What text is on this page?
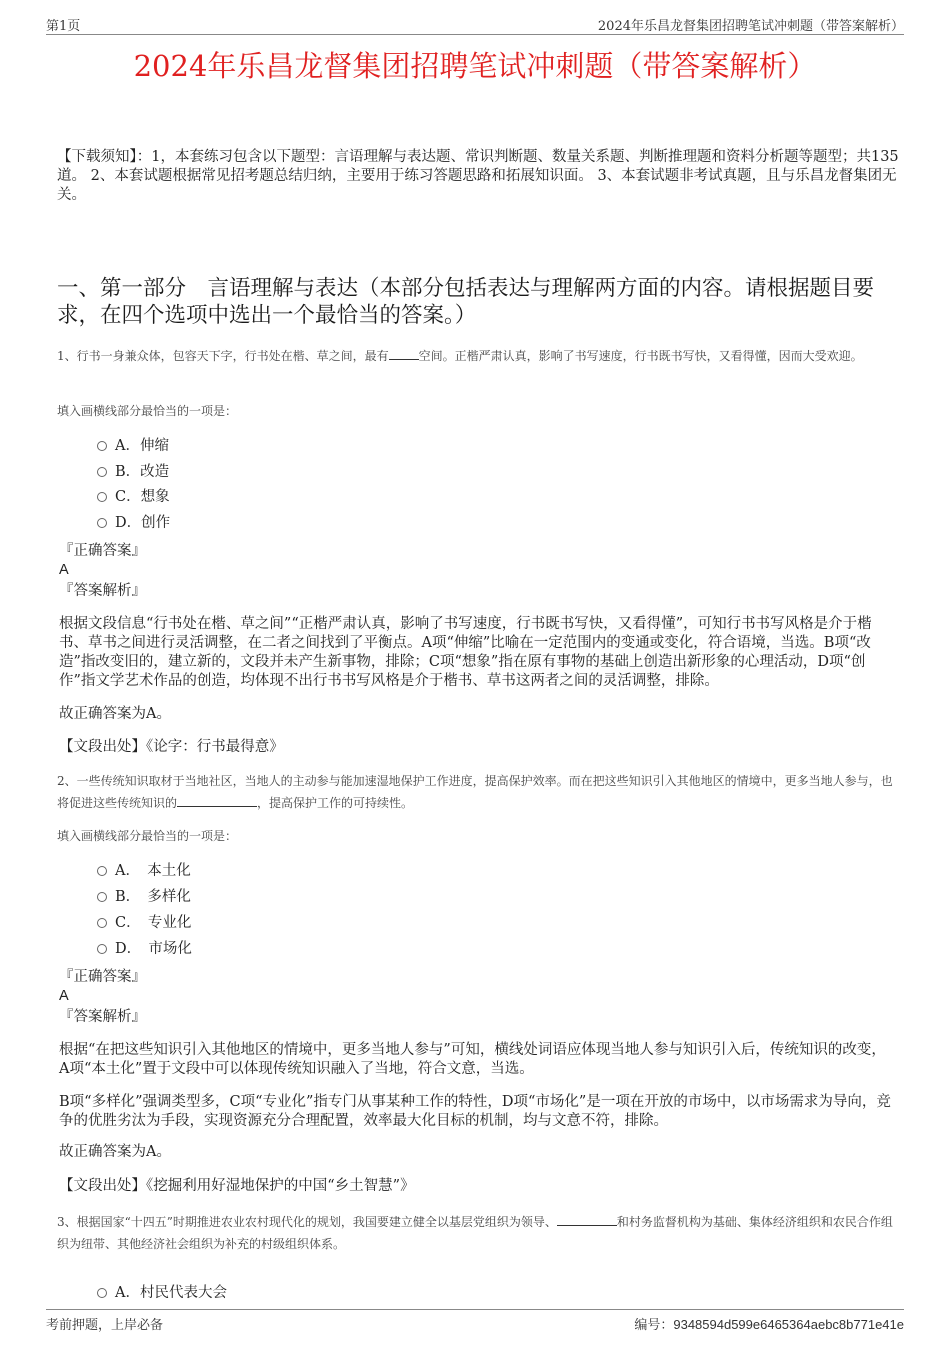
第1页	2024年乐昌龙督集团招聘笔试冲刺题（带答案解析）
2024年乐昌龙督集团招聘笔试冲刺题（带答案解析）
【下载须知】：1，本套练习包含以下题型：言语理解与表达题、常识判断题、数量关系题、判断推理题和资料分析题等题型；共135道。 2、本套试题根据常见招考题总结归纳，主要用于练习答题思路和拓展知识面。 3、本套试题非考试真题，且与乐昌龙督集团无关。
一、第一部分　言语理解与表达（本部分包括表达与理解两方面的内容。请根据题目要求，在四个选项中选出一个最恰当的答案。）
1、行书一身兼众体，包容天下字，行书处在楷、草之间，最有	空间。正楷严肃认真，影响了书写速度，行书既书写快，又看得懂，因而大受欢迎。
填入画横线部分最恰当的一项是：
A．伸缩
B．改造
C．想象
D．创作
『正确答案』
A
『答案解析』
根据文段信息“行书处在楷、草之间”“正楷严肃认真，影响了书写速度，行书既书写快，又看得懂”，可知行书书写风格是介于楷书、草书之间进行灵活调整，在二者之间找到了平衡点。A项“伸缩”比喻在一定范围内的变通或变化，符合语境，当选。B项“改造”指改变旧的，建立新的，文段并未产生新事物，排除；C项“想象”指在原有事物的基础上创造出新形象的心理活动，D项“创作”指文学艺术作品的创造，均体现不出行书书写风格是介于楷书、草书这两者之间的灵活调整，排除。
故正确答案为A。
【文段出处】《论字：行书最得意》
2、一些传统知识取材于当地社区，当地人的主动参与能加速湿地保护工作进度，提高保护效率。而在把这些知识引入其他地区的情境中，更多当地人参与，也将促进这些传统知识的	，提高保护工作的可持续性。
填入画横线部分最恰当的一项是：
A．　本土化
B．　多样化
C．　专业化
D．　市场化
『正确答案』
A
『答案解析』
根据“在把这些知识引入其他地区的情境中，更多当地人参与”可知，横线处词语应体现当地人参与知识引入后，传统知识的改变，A项“本土化”置于文段中可以体现传统知识融入了当地，符合文意，当选。
B项“多样化”强调类型多，C项“专业化”指专门从事某种工作的特性，D项“市场化”是一项在开放的市场中，以市场需求为导向，竞争的优胜劣汰为手段，实现资源充分合理配置，效率最大化目标的机制，均与文意不符，排除。
故正确答案为A。
【文段出处】《挖掘利用好湿地保护的中国“乡土智慧”》
3、根据国家“十四五”时期推进农业农村现代化的规划，我国要建立健全以基层党组织为领导、	和村务监督机构为基础、集体经济组织和农民合作组织为纽带、其他经济社会组织为补充的村级组织体系。
A．村民代表大会
考前押题，上岸必备	编号：9348594d599e6465364aebc8b771e41e
